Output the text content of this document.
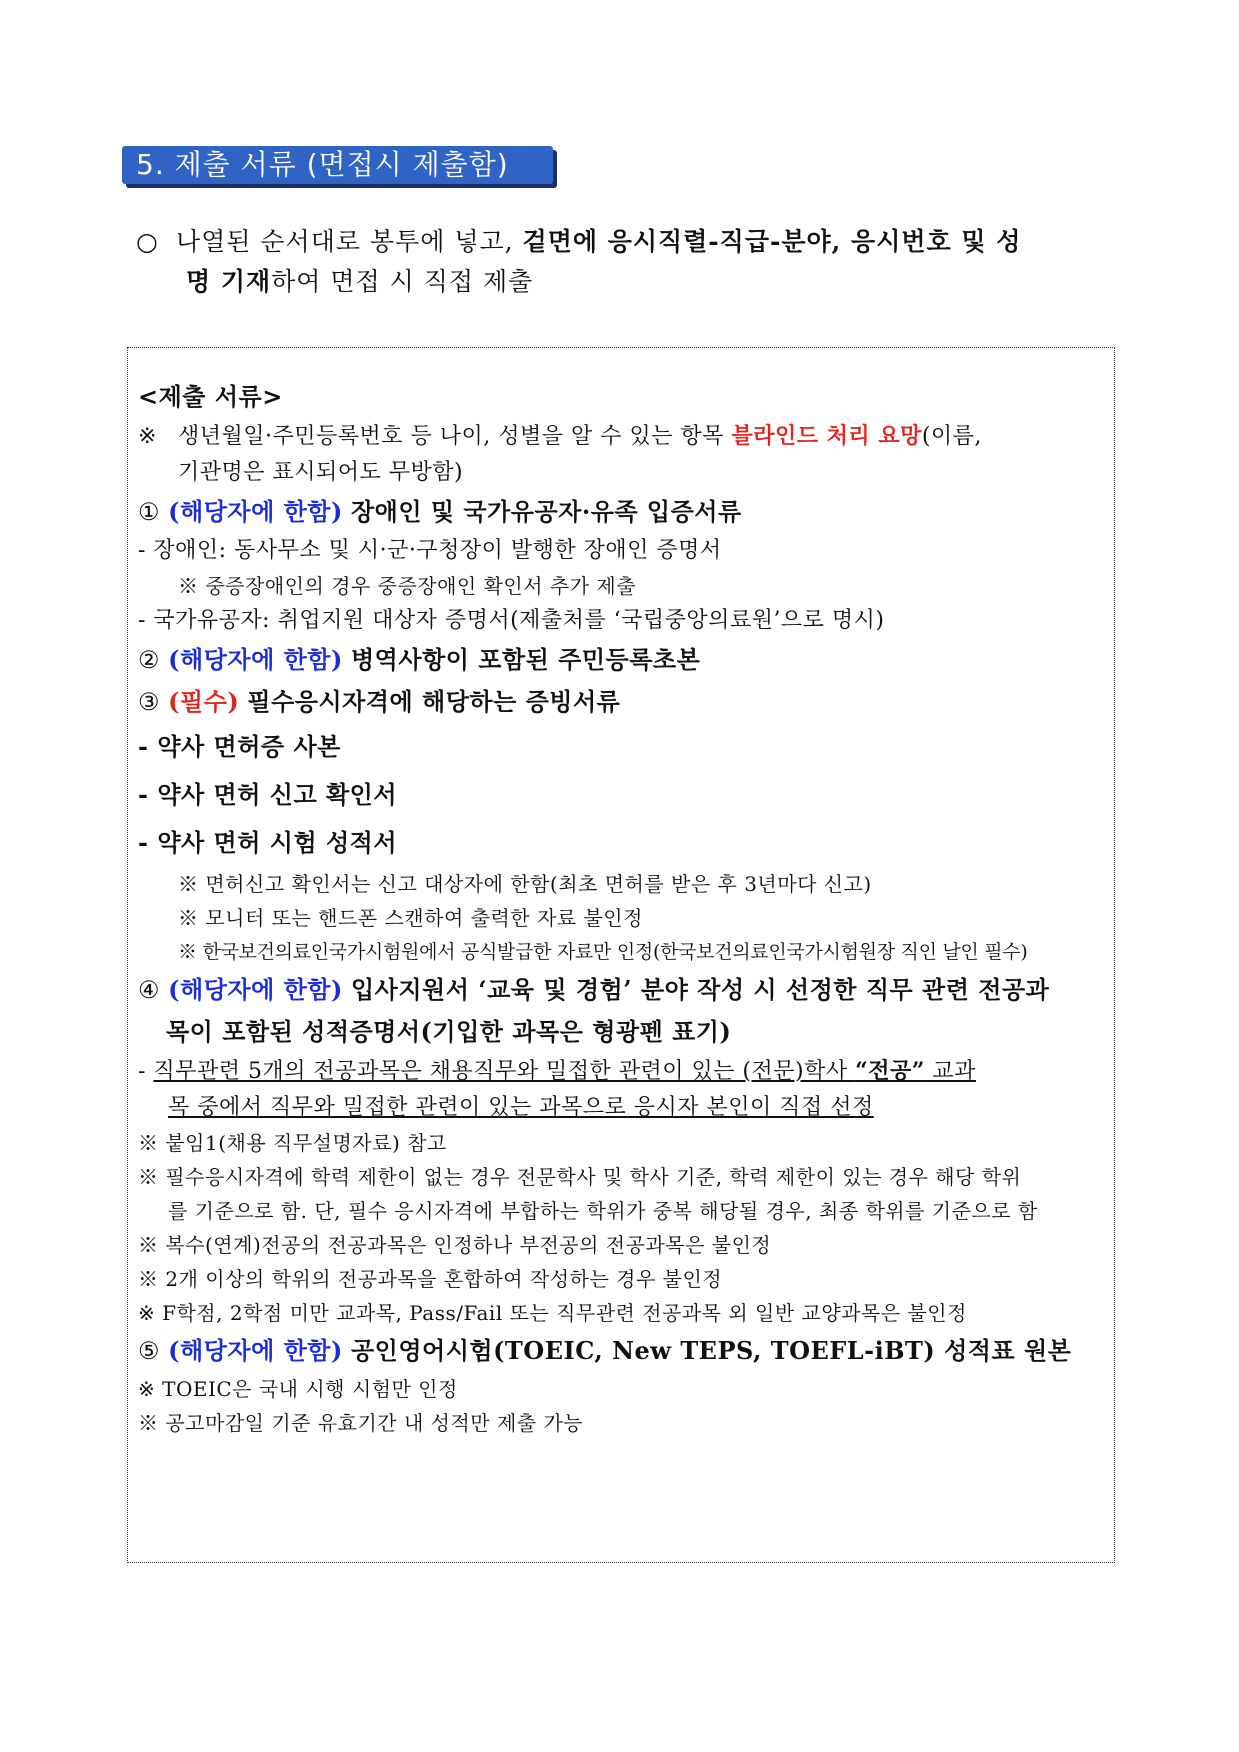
5. 제출 서류 (면접시 제출함)
○ 나열된 순서대로 봉투에 넣고, 겉면에 응시직렬-직급-분야, 응시번호 및 성
명 기재하여 면접 시 직접 제출
<제출 서류>
※ 생년월일·주민등록번호 등 나이, 성별을 알 수 있는 항목 블라인드 처리 요망(이름,
기관명은 표시되어도 무방함)
① (해당자에 한함) 장애인 및 국가유공자·유족 입증서류
- 장애인: 동사무소 및 시·군·구청장이 발행한 장애인 증명서
※ 중증장애인의 경우 중증장애인 확인서 추가 제출
- 국가유공자: 취업지원 대상자 증명서(제출처를 ‘국립중앙의료원’으로 명시)
② (해당자에 한함) 병역사항이 포함된 주민등록초본
③ (필수) 필수응시자격에 해당하는 증빙서류
- 약사 면허증 사본
- 약사 면허 신고 확인서
- 약사 면허 시험 성적서
※ 면허신고 확인서는 신고 대상자에 한함(최초 면허를 받은 후 3년마다 신고)
※ 모니터 또는 핸드폰 스캔하여 출력한 자료 불인정
※ 한국보건의료인국가시험원에서 공식발급한 자료만 인정(한국보건의료인국가시험원장 직인 날인 필수)
④ (해당자에 한함) 입사지원서 ‘교육 및 경험’ 분야 작성 시 선정한 직무 관련 전공과
목이 포함된 성적증명서(기입한 과목은 형광펜 표기)
- 직무관련 5개의 전공과목은 채용직무와 밀접한 관련이 있는 (전문)학사 “전공” 교과
목 중에서 직무와 밀접한 관련이 있는 과목으로 응시자 본인이 직접 선정
※ 붙임1(채용 직무설명자료) 참고
※ 필수응시자격에 학력 제한이 없는 경우 전문학사 및 학사 기준, 학력 제한이 있는 경우 해당 학위
를 기준으로 함. 단, 필수 응시자격에 부합하는 학위가 중복 해당될 경우, 최종 학위를 기준으로 함
※ 복수(연계)전공의 전공과목은 인정하나 부전공의 전공과목은 불인정
※ 2개 이상의 학위의 전공과목을 혼합하여 작성하는 경우 불인정
※ F학점, 2학점 미만 교과목, Pass/Fail 또는 직무관련 전공과목 외 일반 교양과목은 불인정
⑤ (해당자에 한함) 공인영어시험(TOEIC, New TEPS, TOEFL-iBT) 성적표 원본
※ TOEIC은 국내 시행 시험만 인정
※ 공고마감일 기준 유효기간 내 성적만 제출 가능
